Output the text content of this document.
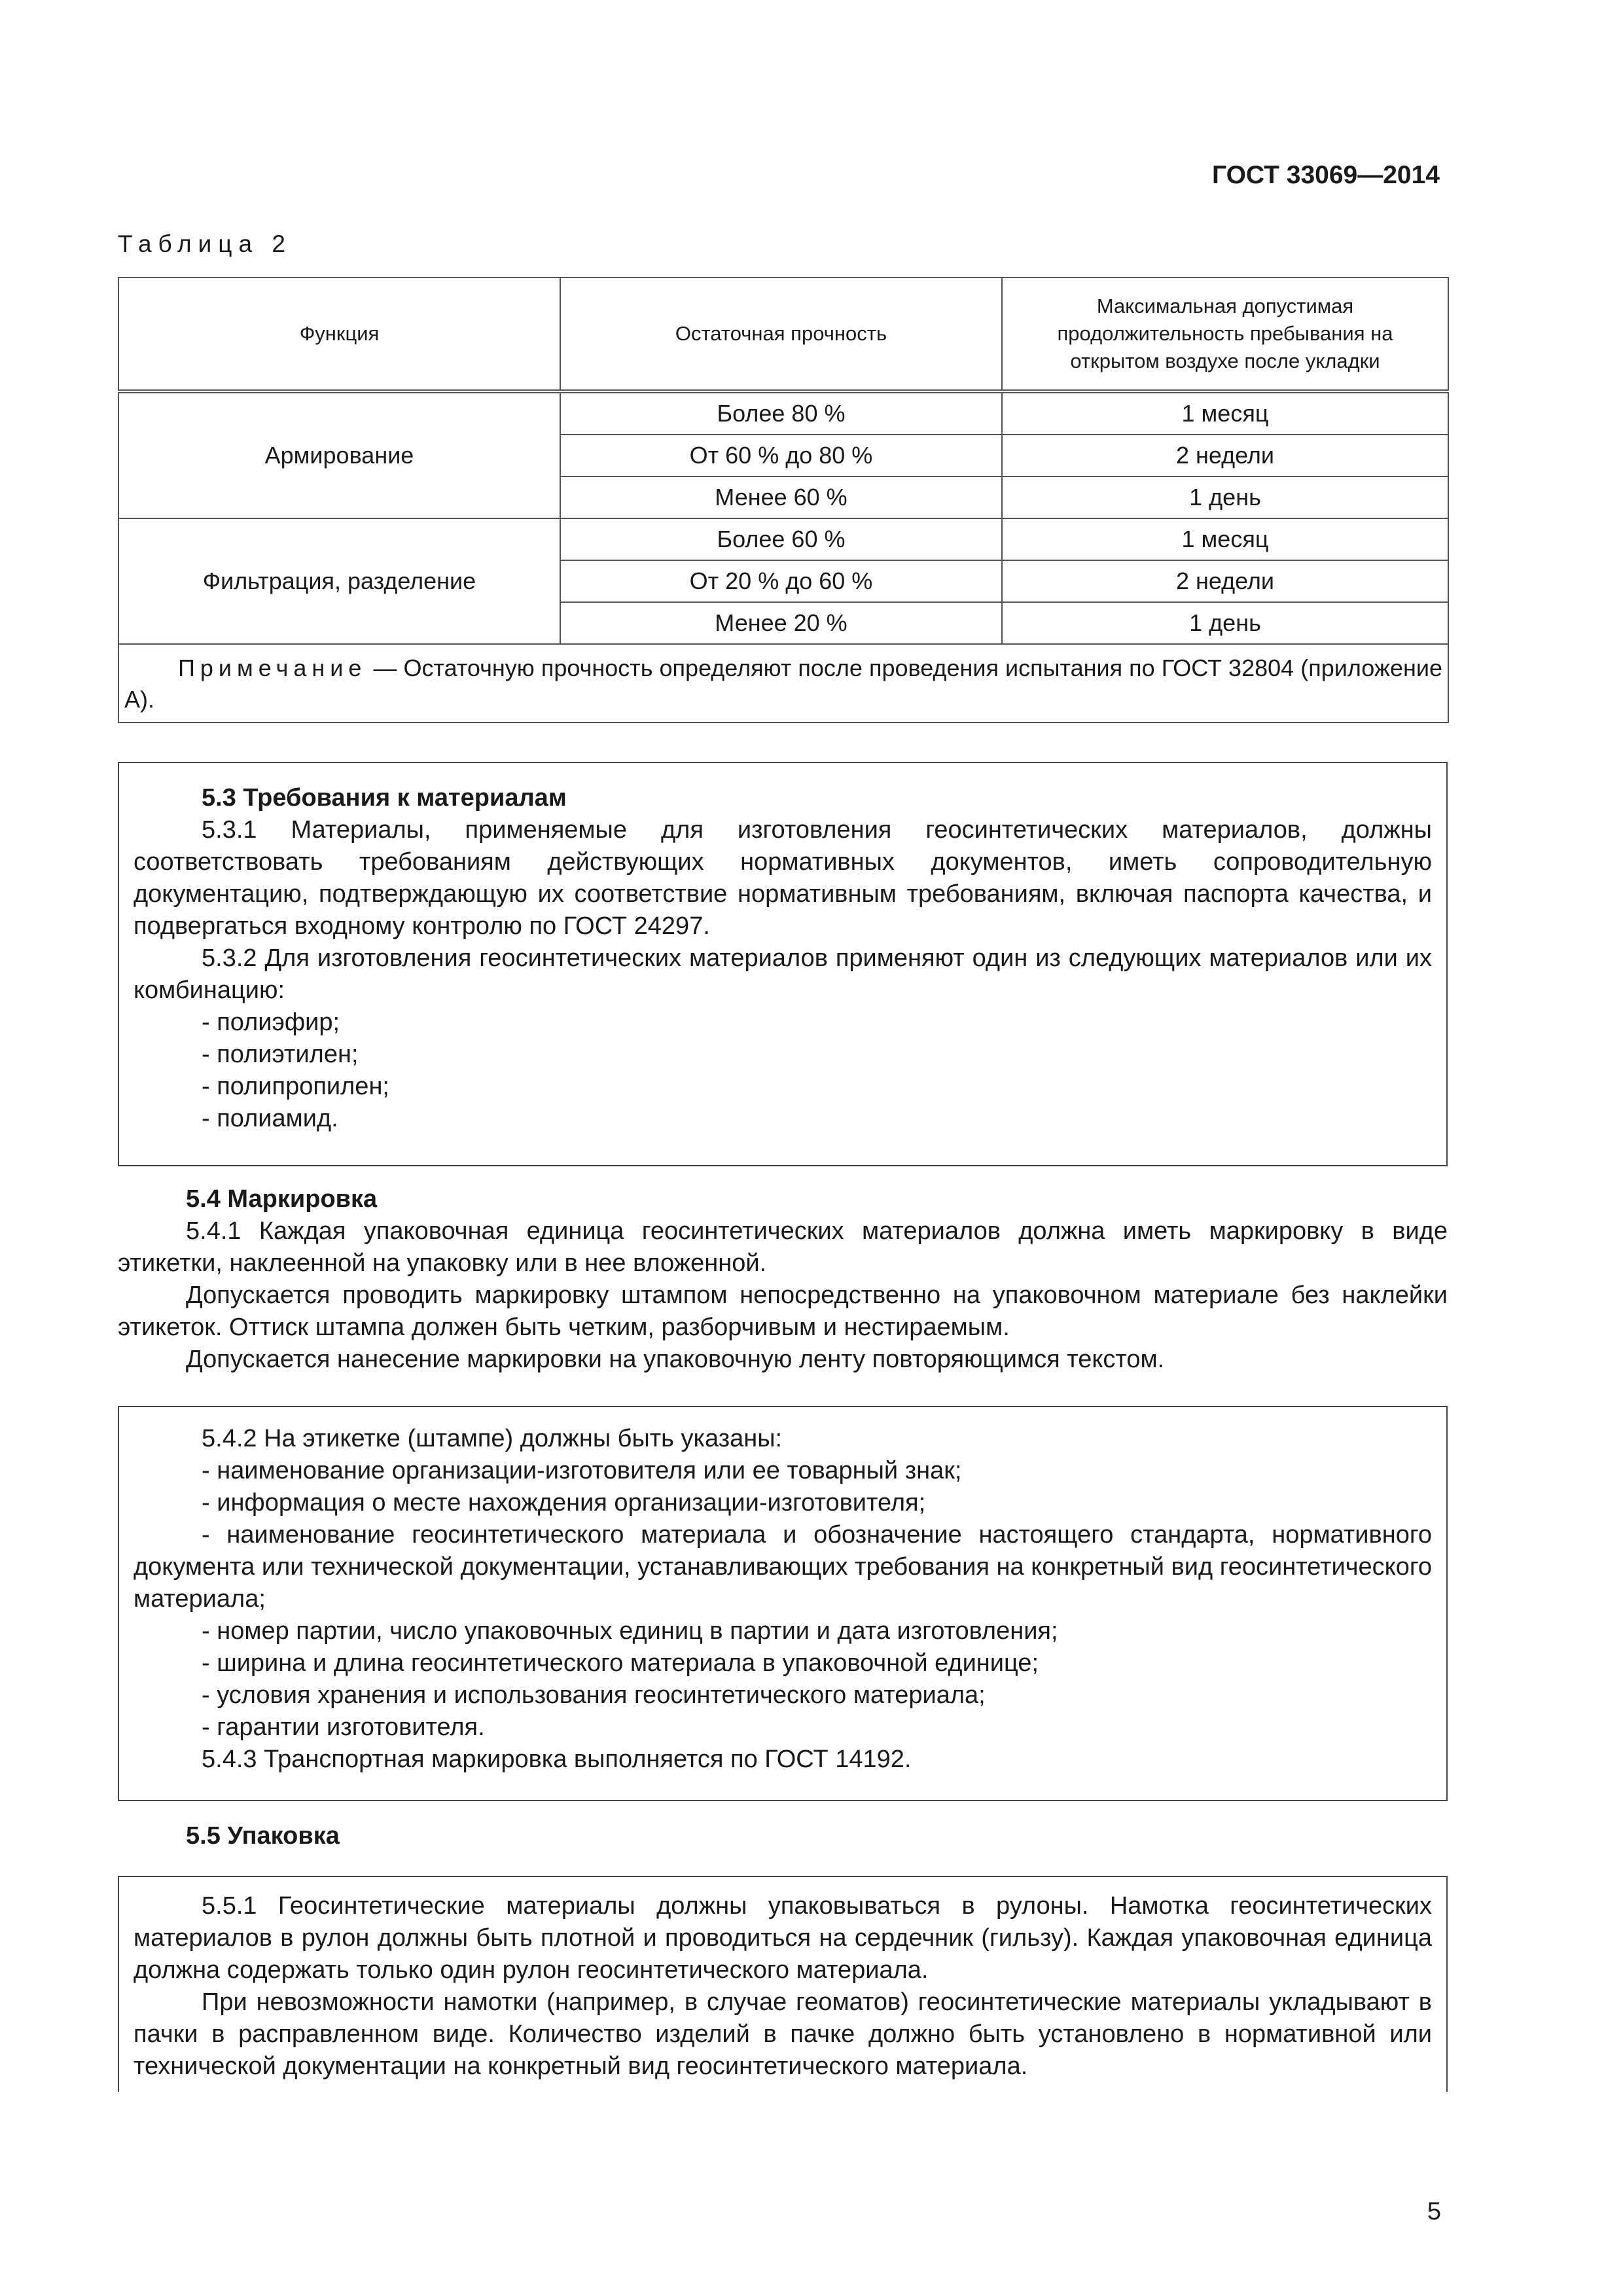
ГОСТ 33069—2014
Таблица 2
Функция	Остаточная прочность	Максимальная допустимая продолжительность пребывания на открытом воздухе после укладки
Армирование	Более 80 %	1 месяц
	От 60 % до 80 %	2 недели
	Менее 60 %	1 день
Фильтрация, разделение	Более 60 %	1 месяц
	От 20 % до 60 %	2 недели
	Менее 20 %	1 день
Примечание — Остаточную прочность определяют после проведения испытания по ГОСТ 32804 (приложение А).		
5.3 Требования к материалам

5.3.1 Материалы, применяемые для изготовления геосинтетических материалов, должны соответствовать требованиям действующих нормативных документов, иметь сопроводительную документацию, подтверждающую их соответствие нормативным требованиям, включая паспорта качества, и подвергаться входному контролю по ГОСТ 24297.

5.3.2 Для изготовления геосинтетических материалов применяют один из следующих материалов или их комбинацию:

- полиэфир;

- полиэтилен;

- полипропилен;

- полиамид.

5.4 Маркировка

5.4.1 Каждая упаковочная единица геосинтетических материалов должна иметь маркировку в виде этикетки, наклеенной на упаковку или в нее вложенной.

Допускается проводить маркировку штампом непосредственно на упаковочном материале без наклейки этикеток. Оттиск штампа должен быть четким, разборчивым и нестираемым.

Допускается нанесение маркировки на упаковочную ленту повторяющимся текстом.

5.4.2 На этикетке (штампе) должны быть указаны:

- наименование организации-изготовителя или ее товарный знак;

- информация о месте нахождения организации-изготовителя;

- наименование геосинтетического материала и обозначение настоящего стандарта, нормативного документа или технической документации, устанавливающих требования на конкретный вид геосинтетического материала;

- номер партии, число упаковочных единиц в партии и дата изготовления;

- ширина и длина геосинтетического материала в упаковочной единице;

- условия хранения и использования геосинтетического материала;

- гарантии изготовителя.

5.4.3 Транспортная маркировка выполняется по ГОСТ 14192.

5.5 Упаковка

5.5.1 Геосинтетические материалы должны упаковываться в рулоны. Намотка геосинтетических материалов в рулон должны быть плотной и проводиться на сердечник (гильзу). Каждая упаковочная единица должна содержать только один рулон геосинтетического материала.

При невозможности намотки (например, в случае геоматов) геосинтетические материалы укладывают в пачки в расправленном виде. Количество изделий в пачке должно быть установлено в нормативной или технической документации на конкретный вид геосинтетического материала.

5
